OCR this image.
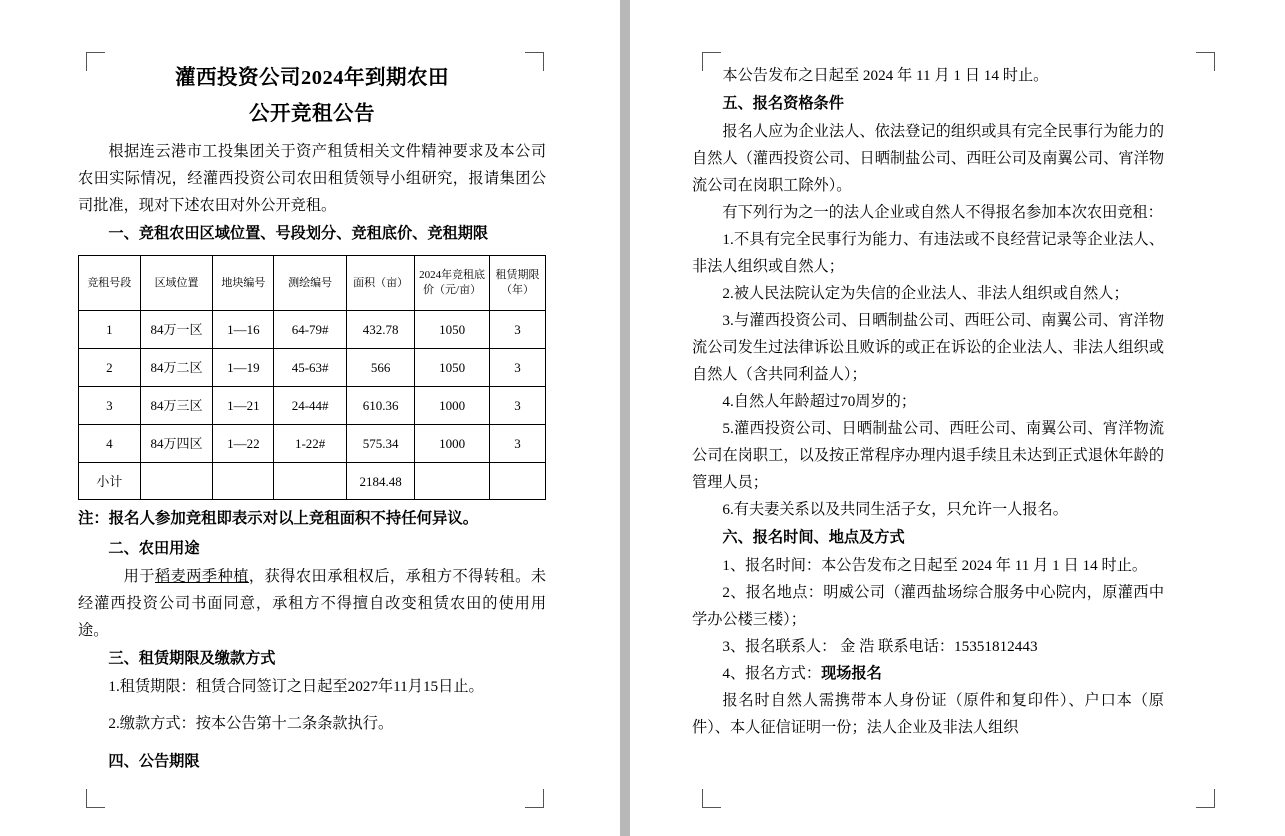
灌西投资公司2024年到期农田
公开竞租公告

根据连云港市工投集团关于资产租赁相关文件精神要求及本公司农田实际情况，经灌西投资公司农田租赁领导小组研究，报请集团公司批准，现对下述农田对外公开竞租。

一、竞租农田区域位置、号段划分、竞租底价、竞租期限
竞租号段	区域位置	地块编号	测绘编号	面积（亩）	2024年竞租底价（元/亩）	租赁期限（年）
1	84万一区	1—16	64-79#	432.78	1050	3
2	84万二区	1—19	45-63#	566	1050	3
3	84万三区	1—21	24-44#	610.36	1000	3
4	84万四区	1—22	1-22#	575.34	1000	3
小计				2184.48		
注：报名人参加竞租即表示对以上竞租面积不持任何异议。
二、农田用途

用于稻麦两季种植，获得农田承租权后，承租方不得转租。未经灌西投资公司书面同意，承租方不得擅自改变租赁农田的使用用途。

三、租赁期限及缴款方式

1.租赁期限：租赁合同签订之日起至2027年11月15日止。

2.缴款方式：按本公告第十二条条款执行。

四、公告期限

本公告发布之日起至 2024 年 11 月 1 日 14 时止。

五、报名资格条件

报名人应为企业法人、依法登记的组织或具有完全民事行为能力的自然人（灌西投资公司、日晒制盐公司、西旺公司及南翼公司、宵洋物流公司在岗职工除外）。

有下列行为之一的法人企业或自然人不得报名参加本次农田竞租：

1.不具有完全民事行为能力、有违法或不良经营记录等企业法人、非法人组织或自然人；

2.被人民法院认定为失信的企业法人、非法人组织或自然人；

3.与灌西投资公司、日晒制盐公司、西旺公司、南翼公司、宵洋物流公司发生过法律诉讼且败诉的或正在诉讼的企业法人、非法人组织或自然人（含共同利益人）；

4.自然人年龄超过70周岁的；

5.灌西投资公司、日晒制盐公司、西旺公司、南翼公司、宵洋物流公司在岗职工，以及按正常程序办理内退手续且未达到正式退休年龄的管理人员；

6.有夫妻关系以及共同生活子女，只允许一人报名。

六、报名时间、地点及方式

1、报名时间：本公告发布之日起至 2024 年 11 月 1 日 14 时止。

2、报名地点：明威公司（灌西盐场综合服务中心院内，原灌西中学办公楼三楼）；

3、报名联系人： 金 浩 联系电话：15351812443

4、报名方式：现场报名

报名时自然人需携带本人身份证（原件和复印件）、户口本（原件）、本人征信证明一份；法人企业及非法人组织
